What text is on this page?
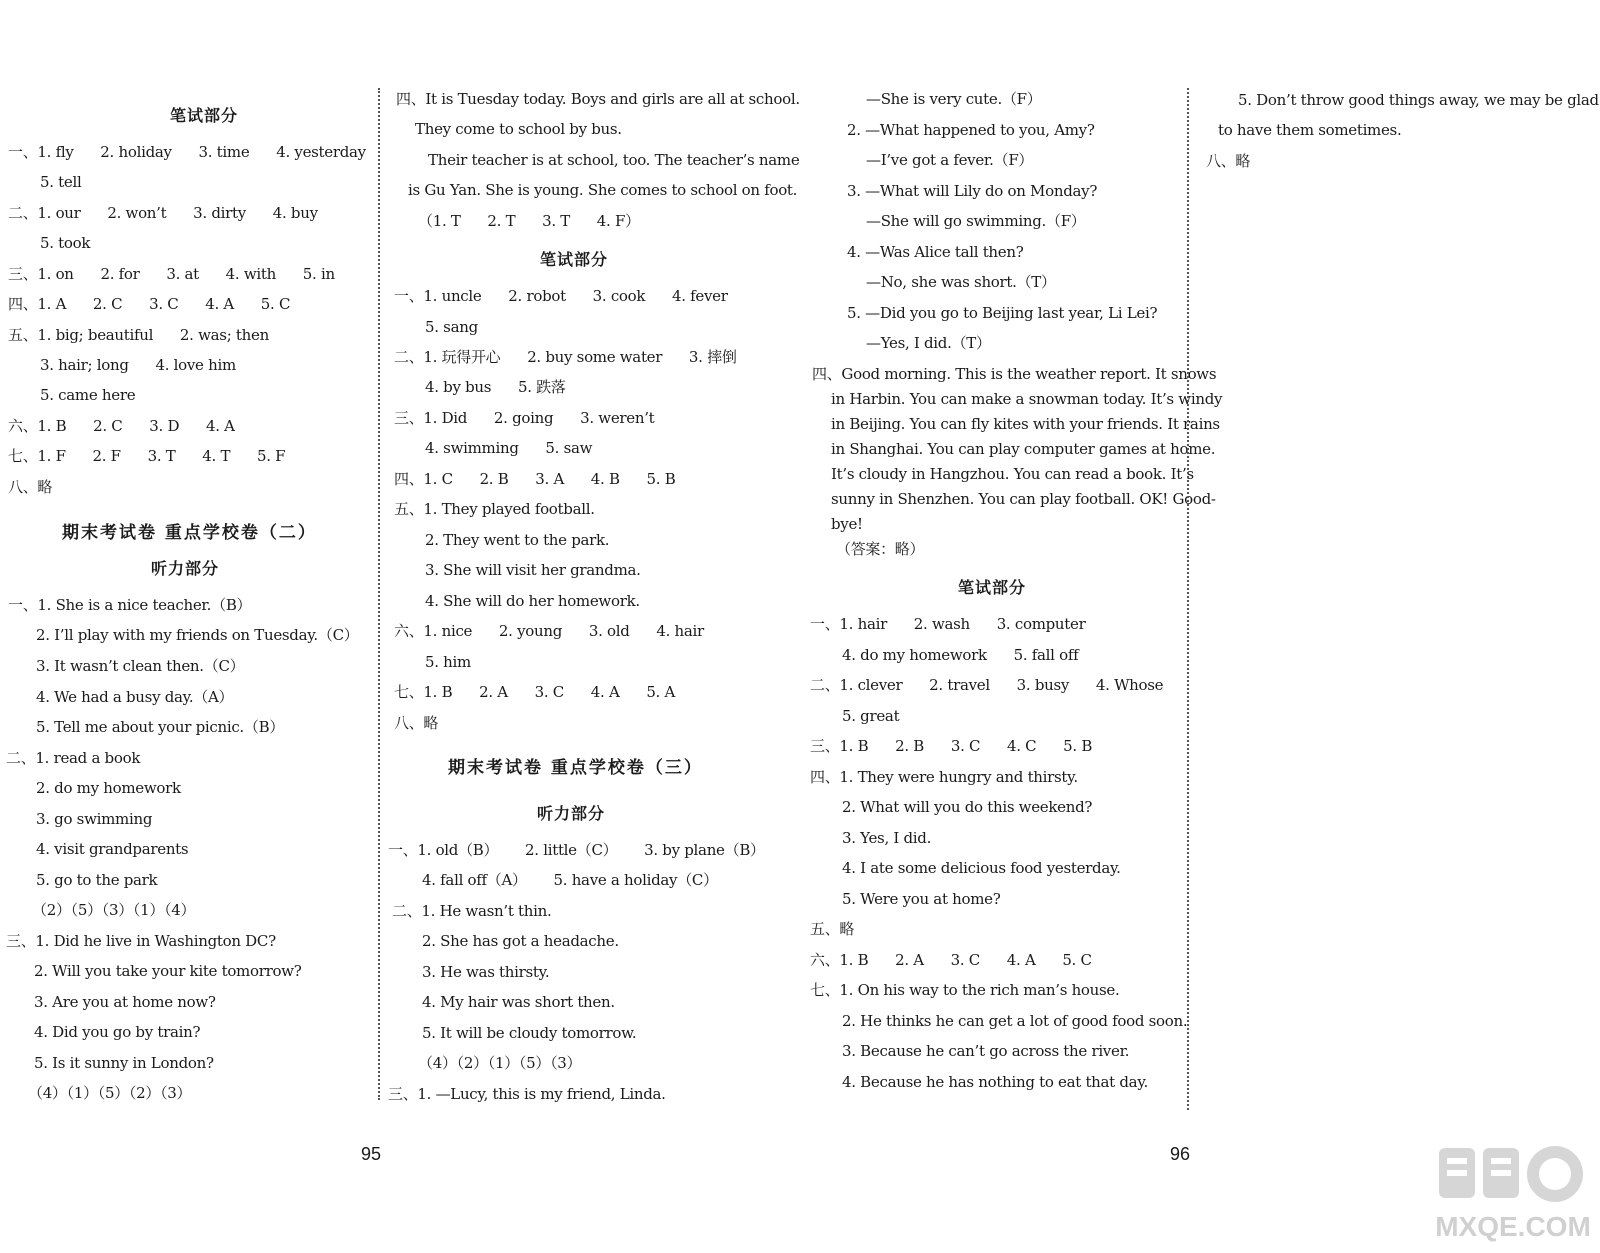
笔试部分
一、1. fly      2. holiday      3. time      4. yesterday
5. tell
二、1. our      2. won’t      3. dirty      4. buy
5. took
三、1. on      2. for      3. at      4. with      5. in
四、1. A      2. C      3. C      4. A      5. C
五、1. big; beautiful      2. was; then
3. hair; long      4. love him
5. came here
六、1. B      2. C      3. D      4. A
七、1. F      2. F      3. T      4. T      5. F
八、略
期末考试卷 重点学校卷（二）
听力部分
一、1. She is a nice teacher.（B）
2. I’ll play with my friends on Tuesday.（C）
3. It wasn’t clean then.（C）
4. We had a busy day.（A）
5. Tell me about your picnic.（B）
二、1. read a book
2. do my homework
3. go swimming
4. visit grandparents
5. go to the park
（2）（5）（3）（1）（4）
三、1. Did he live in Washington DC?
2. Will you take your kite tomorrow?
3. Are you at home now?
4. Did you go by train?
5. Is it sunny in London?
（4）（1）（5）（2）（3）
四、It is Tuesday today. Boys and girls are all at school.
They come to school by bus.
Their teacher is at school, too. The teacher’s name
is Gu Yan. She is young. She comes to school on foot.
（1. T      2. T      3. T      4. F）
笔试部分
一、1. uncle      2. robot      3. cook      4. fever
5. sang
二、1. 玩得开心      2. buy some water      3. 摔倒
4. by bus      5. 跌落
三、1. Did      2. going      3. weren’t
4. swimming      5. saw
四、1. C      2. B      3. A      4. B      5. B
五、1. They played football.
2. They went to the park.
3. She will visit her grandma.
4. She will do her homework.
六、1. nice      2. young      3. old      4. hair
5. him
七、1. B      2. A      3. C      4. A      5. A
八、略
期末考试卷 重点学校卷（三）
听力部分
一、1. old（B）      2. little（C）      3. by plane（B）
4. fall off（A）      5. have a holiday（C）
二、1. He wasn’t thin.
2. She has got a headache.
3. He was thirsty.
4. My hair was short then.
5. It will be cloudy tomorrow.
（4）（2）（1）（5）（3）
三、1. —Lucy, this is my friend, Linda.
—She is very cute.（F）
2. —What happened to you, Amy?
—I’ve got a fever.（F）
3. —What will Lily do on Monday?
—She will go swimming.（F）
4. —Was Alice tall then?
—No, she was short.（T）
5. —Did you go to Beijing last year, Li Lei?
—Yes, I did.（T）
四、Good morning. This is the weather report. It snows
in Harbin. You can make a snowman today. It’s windy
in Beijing. You can fly kites with your friends. It rains
in Shanghai. You can play computer games at home.
It’s cloudy in Hangzhou. You can read a book. It’s
sunny in Shenzhen. You can play football. OK! Good-
bye!
（答案：略）
笔试部分
一、1. hair      2. wash      3. computer
4. do my homework      5. fall off
二、1. clever      2. travel      3. busy      4. Whose
5. great
三、1. B      2. B      3. C      4. C      5. B
四、1. They were hungry and thirsty.
2. What will you do this weekend?
3. Yes, I did.
4. I ate some delicious food yesterday.
5. Were you at home?
五、略
六、1. B      2. A      3. C      4. A      5. C
七、1. On his way to the rich man’s house.
2. He thinks he can get a lot of good food soon.
3. Because he can’t go across the river.
4. Because he has nothing to eat that day.
5. Don’t throw good things away, we may be glad
to have them sometimes.
八、略
95	96
MXQE.COM
